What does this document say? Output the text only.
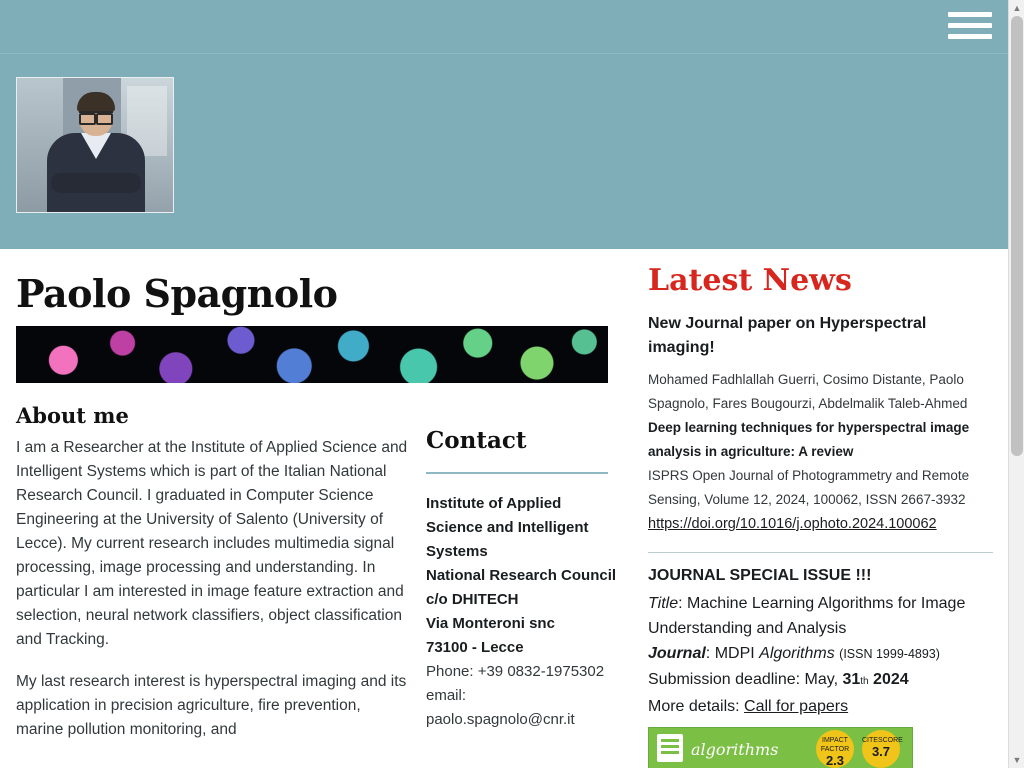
Paolo Spagnolo
About me

I am a Researcher at the Institute of Applied Science and Intelligent Systems which is part of the Italian National Research Council. I graduated in Computer Science Engineering at the University of Salento (University of Lecce). My current research includes multimedia signal processing, image processing and understanding. In particular I am interested in image feature extraction and selection, neural network classifiers, object classification and Tracking.

My last research interest is hyperspectral imaging and its application in precision agriculture, fire prevention, marine pollution monitoring, and

Contact
Institute of Applied
Science and Intelligent
Systems
National Research Council
c/o DHITECH
Via Monteroni snc
73100 - Lecce
Phone: +39 0832-1975302
email:
paolo.spagnolo@cnr.it
Latest News
New Journal paper on Hyperspectral imaging!
Mohamed Fadhlallah Guerri, Cosimo Distante, Paolo Spagnolo, Fares Bougourzi, Abdelmalik Taleb-Ahmed
Deep learning techniques for hyperspectral image analysis in agriculture: A review
ISPRS Open Journal of Photogrammetry and Remote Sensing, Volume 12, 2024, 100062, ISSN 2667-3932
https://doi.org/10.1016/j.ophoto.2024.100062
JOURNAL SPECIAL ISSUE !!!
Title: Machine Learning Algorithms for Image Understanding and Analysis
Journal: MDPI Algorithms (ISSN 1999-4893)
Submission deadline: May, 31th 2024
More details: Call for papers
algorithms	IMPACT FACTOR
2.3
CITESCORE
3.7
▲
▼
